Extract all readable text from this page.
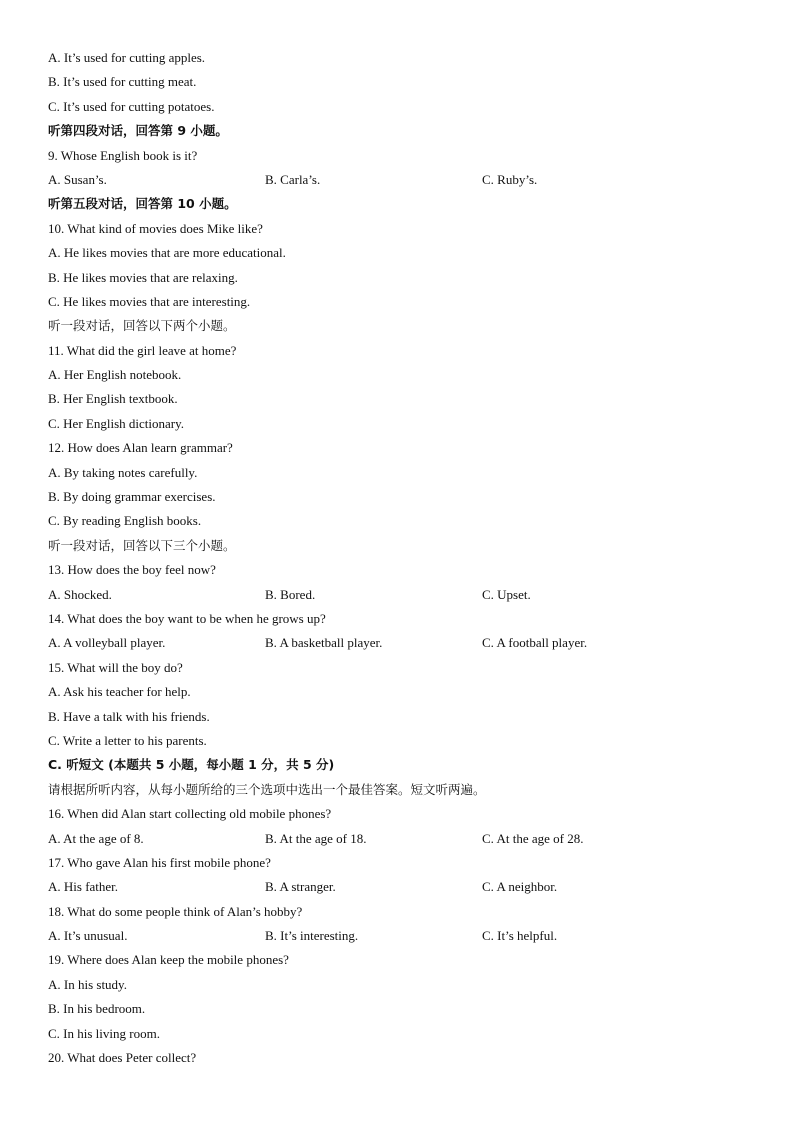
A. It’s used for cutting apples.
B. It’s used for cutting meat.
C. It’s used for cutting potatoes.
听第四段对话，回答第 9 小题。
9. Whose English book is it?
A. Susan’s.	B. Carla’s.	C. Ruby’s.
听第五段对话，回答第 10 小题。
10. What kind of movies does Mike like?
A. He likes movies that are more educational.
B. He likes movies that are relaxing.
C. He likes movies that are interesting.
听一段对话，回答以下两个小题。
11. What did the girl leave at home?
A. Her English notebook.
B. Her English textbook.
C. Her English dictionary.
12. How does Alan learn grammar?
A. By taking notes carefully.
B. By doing grammar exercises.
C. By reading English books.
听一段对话，回答以下三个小题。
13. How does the boy feel now?
A. Shocked.	B. Bored.	C. Upset.
14. What does the boy want to be when he grows up?
A. A volleyball player.	B. A basketball player.	C. A football player.
15. What will the boy do?
A. Ask his teacher for help.
B. Have a talk with his friends.
C. Write a letter to his parents.
C. 听短文 (本题共 5 小题，每小题 1 分，共 5 分)
请根据所听内容，从每小题所给的三个选项中选出一个最佳答案。短文听两遍。
16. When did Alan start collecting old mobile phones?
A. At the age of 8.	B. At the age of 18.	C. At the age of 28.
17. Who gave Alan his first mobile phone?
A. His father.	B. A stranger.	C. A neighbor.
18. What do some people think of Alan’s hobby?
A. It’s unusual.	B. It’s interesting.	C. It’s helpful.
19. Where does Alan keep the mobile phones?
A. In his study.
B. In his bedroom.
C. In his living room.
20. What does Peter collect?
